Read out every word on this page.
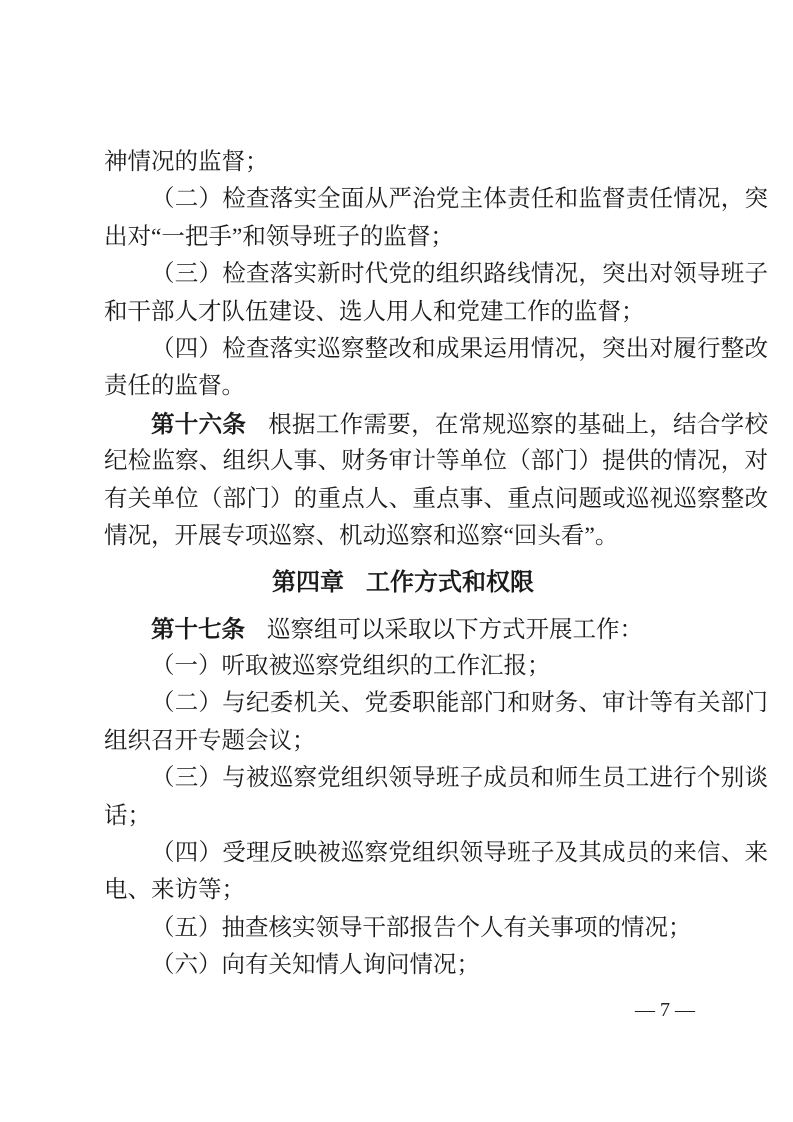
神情况的监督；
（二）检查落实全面从严治党主体责任和监督责任情况，突
出对“一把手”和领导班子的监督；
（三）检查落实新时代党的组织路线情况，突出对领导班子
和干部人才队伍建设、选人用人和党建工作的监督；
（四）检查落实巡察整改和成果运用情况，突出对履行整改
责任的监督。
第十六条 根据工作需要，在常规巡察的基础上，结合学校
纪检监察、组织人事、财务审计等单位（部门）提供的情况，对
有关单位（部门）的重点人、重点事、重点问题或巡视巡察整改
情况，开展专项巡察、机动巡察和巡察“回头看”。
第四章 工作方式和权限
第十七条 巡察组可以采取以下方式开展工作：
（一）听取被巡察党组织的工作汇报；
（二）与纪委机关、党委职能部门和财务、审计等有关部门
组织召开专题会议；
（三）与被巡察党组织领导班子成员和师生员工进行个别谈
话；
（四）受理反映被巡察党组织领导班子及其成员的来信、来
电、来访等；
（五）抽查核实领导干部报告个人有关事项的情况；
（六）向有关知情人询问情况；
— 7 —
